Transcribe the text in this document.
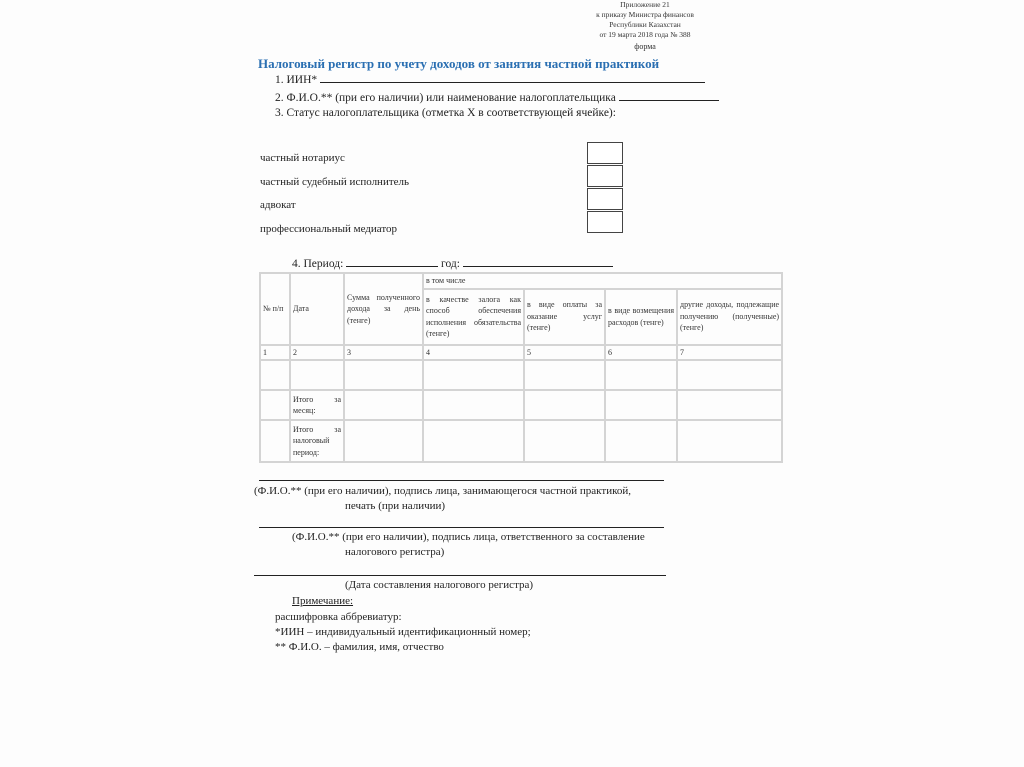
Приложение 21
к приказу Министра финансов
Республики Казахстан
от 19 марта 2018 года № 388
форма
Налоговый регистр по учету доходов от занятия частной практикой
1. ИИН*
2. Ф.И.О.** (при его наличии) или наименование налогоплательщика
3. Статус налогоплательщика (отметка Х в соответствующей ячейке):
частный нотариус
частный судебный исполнитель
адвокат
профессиональный медиатор
4. Период:	год:
№ п/п	Дата	Сумма полученного дохода за день (тенге)	в том числе			
			в качестве залога как способ обеспечения исполнения обязательства (тенге)	в виде оплаты за оказание услуг (тенге)	в виде возмещения расходов (тенге)	другие доходы, подлежащие получению (полученные) (тенге)
1	2	3	4	5	6	7

	Итого за месяц:					
	Итого за налоговый период:					
(Ф.И.О.** (при его наличии), подпись лица, занимающегося частной практикой,
печать (при наличии)
(Ф.И.О.** (при его наличии), подпись лица, ответственного за составление
налогового регистра)
(Дата составления налогового регистра)
Примечание:
расшифровка аббревиатур:
*ИИН – индивидуальный идентификационный номер;
** Ф.И.О. – фамилия, имя, отчество
